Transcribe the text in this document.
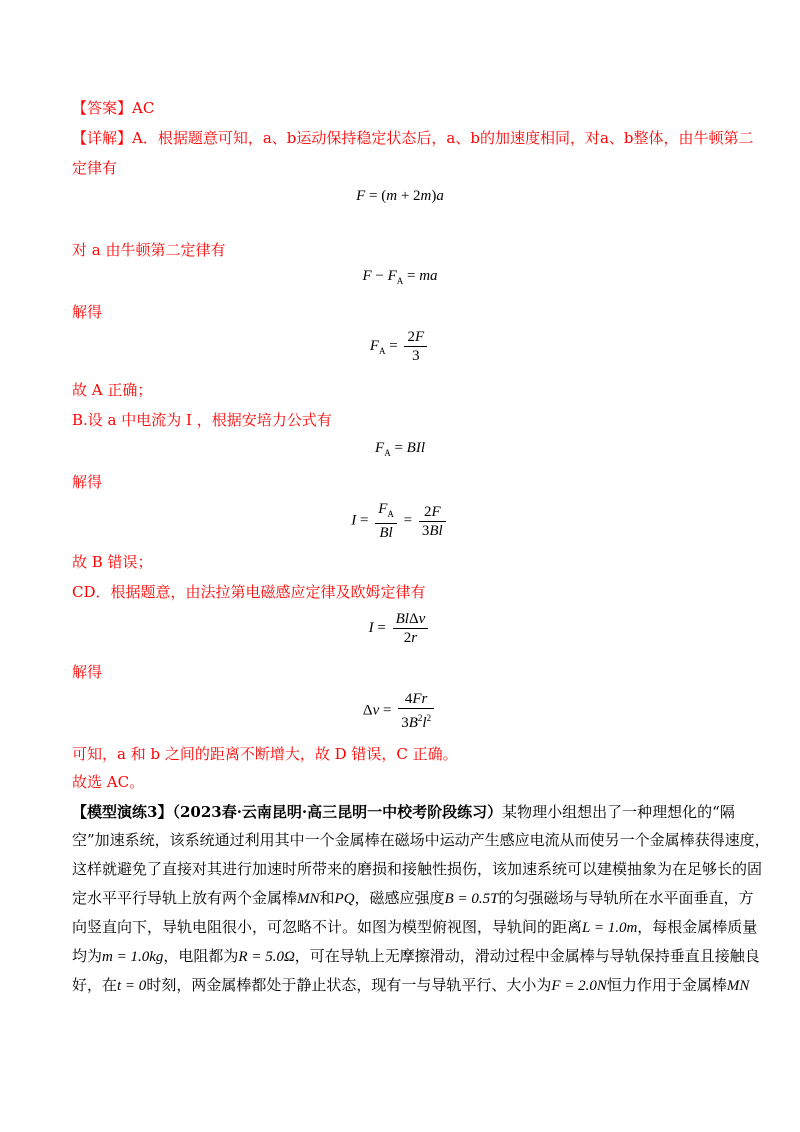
【答案】AC
【详解】A．根据题意可知，a、b运动保持稳定状态后，a、b的加速度相同，对a、b整体，由牛顿第二
定律有
F = (m + 2m)a
对 a 由牛顿第二定律有
$F - F_A$ = ma
解得
$F_A = \frac{2F}{3}$
故 A 正确；
B.设 a 中电流为 I ，根据安培力公式有
$F_A$ = BIl
解得
$I = \frac{F_A}{Bl} = \frac{2F}{3Bl}$
故 B 错误；
CD．根据题意，由法拉第电磁感应定律及欧姆定律有
$I = \frac{\text{BlΔv}}{2r}$
解得
$\Delta v = \frac{4Fr}{3B^2l^2}$
可知，a 和 b 之间的距离不断增大，故 D 错误，C 正确。
故选 AC。
【模型演练3】（2023春·云南昆明·高三昆明一中校考阶段练习）某物理小组想出了一种理想化的“隔
空”加速系统，该系统通过利用其中一个金属棒在磁场中运动产生感应电流从而使另一个金属棒获得速度，
这样就避免了直接对其进行加速时所带来的磨损和接触性损伤，该加速系统可以建模抽象为在足够长的固
定水平平行导轨上放有两个金属棒MN和PQ，磁感应强度B = 0.5T的匀强磁场与导轨所在水平面垂直，方
向竖直向下，导轨电阻很小，可忽略不计。如图为模型俯视图，导轨间的距离L = 1.0m，每根金属棒质量
均为m = 1.0kg，电阻都为R = 5.0Ω，可在导轨上无摩擦滑动，滑动过程中金属棒与导轨保持垂直且接触良
好，在t = 0时刻，两金属棒都处于静止状态，现有一与导轨平行、大小为F = 2.0N恒力作用于金属棒MN
